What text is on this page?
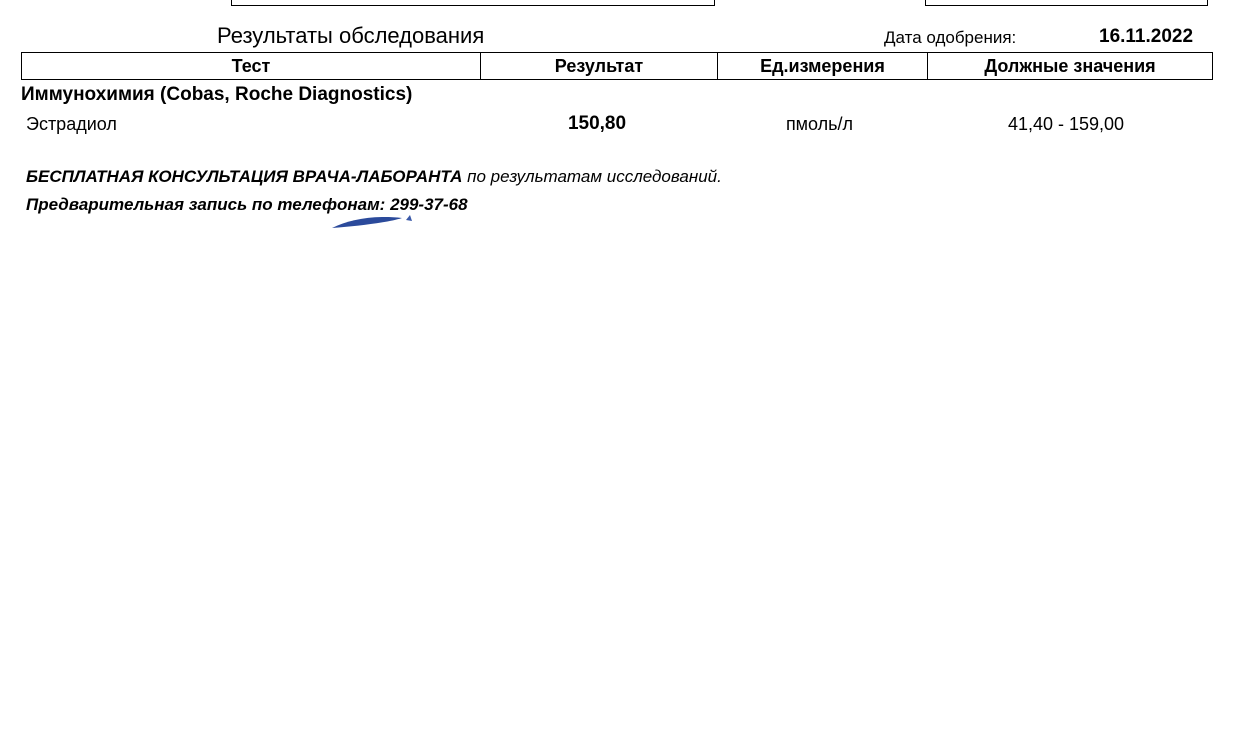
Результаты обследования	Дата одобрения:	16.11.2022
Тест	Результат	Ед.измерения	Должные значения
Иммунохимия (Cobas, Roche Diagnostics)
Эстрадиол	150,80	пмоль/л	41,40 - 159,00
БЕСПЛАТНАЯ КОНСУЛЬТАЦИЯ ВРАЧА-ЛАБОРАНТА по результатам исследований.
Предварительная запись по телефонам: 299-37-68
